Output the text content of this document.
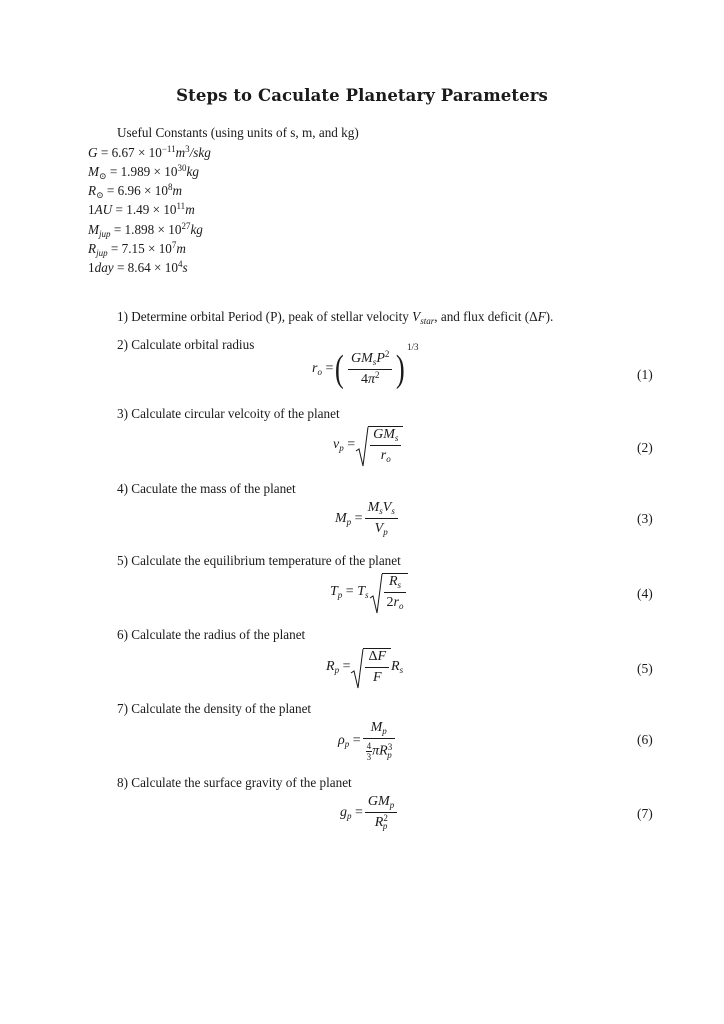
Steps to Caculate Planetary Parameters
Useful Constants (using units of s, m, and kg)
$G = 6.67 \times 10^{-11}m^3$/skg
$M_⊙ = 1.989 \times 10^{30}kg$
$R_⊙ = 6.96 \times 10^8m$
$1AU = 1.49 \times 10^{11}m$
$M_{jup} = 1.898 \times 10^{27}kg$
$R_{jup} = 7.15 \times 10^7m$
$1day = 8.64 \times 10^4s$
1) Determine orbital Period (P), peak of stellar velocity $V_{star}$, and flux deficit (ΔF).
2) Calculate orbital radius
$r_o$ =( $\frac{GM_sP^2}{4\pi^2} )^{1/3}$
(1)
3) Calculate circular velcoity of the planet
$v_p = \frac{GM_s}{r_o}$	(2)
4) Caculate the mass of the planet
$M_p = \frac{M_sV_s}{V_p}$	(3)
5) Calculate the equilibrium temperature of the planet
$T_p = T_s \frac{R_s}{2r_o}$	(4)
6) Calculate the radius of the planet
$R_p = \frac{\Delta F}{F} R_s$	(5)
7) Calculate the density of the planet
$\rho_p = \frac{M_p}{\frac{4}{3} \pi R^3_p}$	(6)
8) Calculate the surface gravity of the planet
$g_p = \frac{GM_p}{R^2_p}$	(7)
